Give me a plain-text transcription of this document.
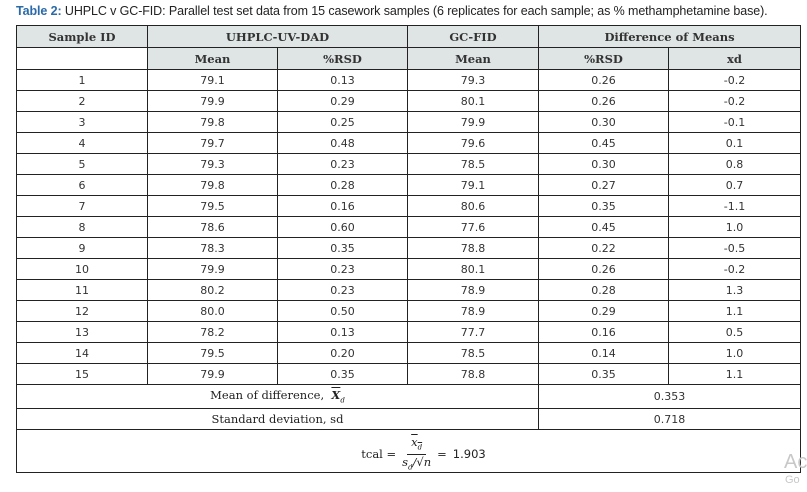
Table 2: UHPLC v GC-FID: Parallel test set data from 15 casework samples (6 replicates for each sample; as % methamphetamine base).
Sample ID	UHPLC-UV-DAD		GC-FID	Difference of Means	
	Mean	%RSD	Mean	%RSD	xd
1	79.1	0.13	79.3	0.26	-0.2
2	79.9	0.29	80.1	0.26	-0.2
3	79.8	0.25	79.9	0.30	-0.1
4	79.7	0.48	79.6	0.45	0.1
5	79.3	0.23	78.5	0.30	0.8
6	79.8	0.28	79.1	0.27	0.7
7	79.5	0.16	80.6	0.35	-1.1
8	78.6	0.60	77.6	0.45	1.0
9	78.3	0.35	78.8	0.22	-0.5
10	79.9	0.23	80.1	0.26	-0.2
11	80.2	0.23	78.9	0.28	1.3
12	80.0	0.50	78.9	0.29	1.1
13	78.2	0.13	77.7	0.16	0.5
14	79.5	0.20	78.5	0.14	1.0
15	79.9	0.35	78.8	0.35	1.1
Mean of difference, $\overline{X}_d$				0.353	
Standard deviation, sd				0.718	

tcal = $\frac{\overline{x}_{\overline{d}}}{s_d/√n} = 1.903$						Ac
Go
